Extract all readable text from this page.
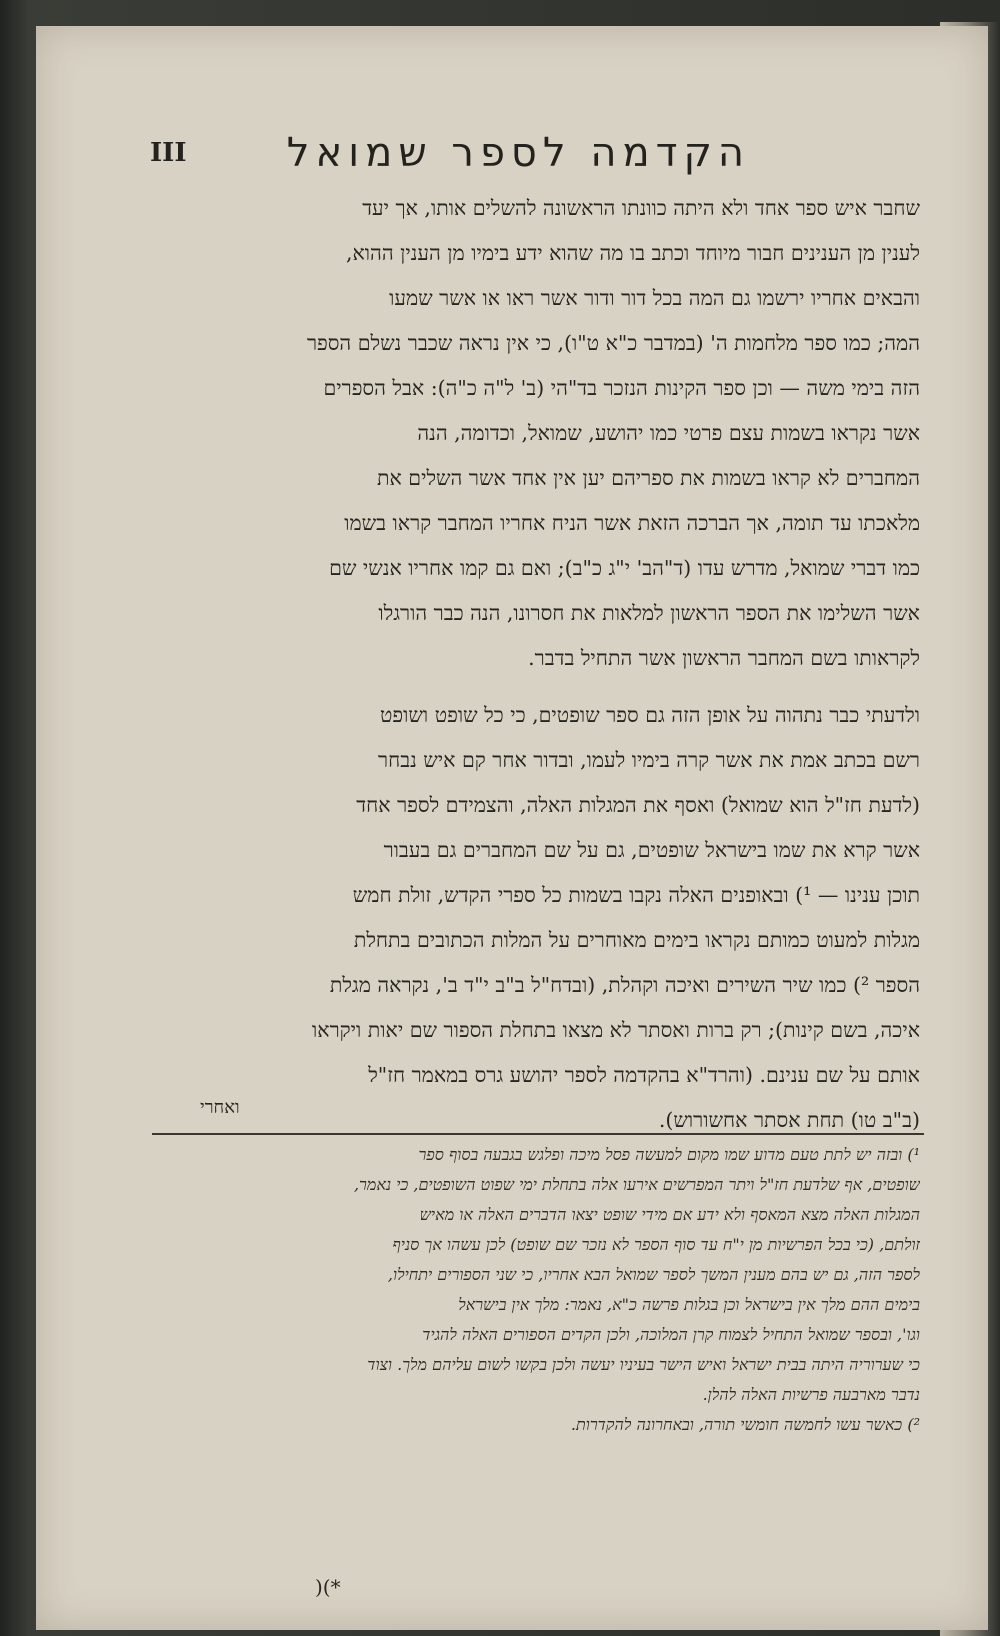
הקדמה לספר שמואל
III
שחבר איש ספר אחד ולא היתה כוונתו הראשונה להשלים אותו, אך יעד
לענין מן הענינים חבור מיוחד וכתב בו מה שהוא ידע בימיו מן הענין ההוא,
והבאים אחריו ירשמו גם המה בכל דור ודור אשר ראו או אשר שמעו
המה; כמו ספר מלחמות ה' (במדבר כ"א ט"ו), כי אין נראה שכבר נשלם הספר
הזה בימי משה — וכן ספר הקינות הנזכר בד"הי (ב' ל"ה כ"ה): אבל הספרים
אשר נקראו בשמות עצם פרטי כמו יהושע, שמואל, וכדומה, הנה
המחברים לא קראו בשמות את ספריהם יען אין אחד אשר השלים את
מלאכתו עד תומה, אך הברכה הזאת אשר הניח אחריו המחבר קראו בשמו
כמו דברי שמואל, מדרש עדו (ד"הב' י"ג כ"ב); ואם גם קמו אחריו אנשי שם
אשר השלימו את הספר הראשון למלאות את חסרונו, הנה כבר הורגלו
לקראותו בשם המחבר הראשון אשר התחיל בדבר.
ולדעתי כבר נתהוה על אופן הזה גם ספר שופטים, כי כל שופט ושופט
רשם בכתב אמת את אשר קרה בימיו לעמו, ובדור אחר קם איש נבחר
(לדעת חז"ל הוא שמואל) ואסף את המגלות האלה, והצמידם לספר אחד
אשר קרא את שמו בישראל שופטים, גם על שם המחברים גם בעבור
תוכן ענינו — ¹) ובאופנים האלה נקבו בשמות כל ספרי הקדש, זולת חמש
מגלות למעוט כמותם נקראו בימים מאוחרים על המלות הכתובים בתחלת
הספר ²) כמו שיר השירים ואיכה וקהלת, (ובדח"ל ב"ב י"ד ב', נקראה מגלת
איכה, בשם קינות); רק ברות ואסתר לא מצאו בתחלת הספור שם יאות ויקראו
אותם על שם ענינם. (והרד"א בהקדמה לספר יהושע גרס במאמר חז"ל
(ב"ב טו) תחת אסתר אחשורוש).
ואחרי
¹) ובזה יש לתת טעם מדוע שמו מקום למעשה פסל מיכה ופלגש בגבעה בסוף ספר
שופטים, אף שלדעת חז"ל ויתר המפרשים אירעו אלה בתחלת ימי שפוט השופטים, כי נאמר,
המגלות האלה מצא המאסף ולא ידע אם מידי שופט יצאו הדברים האלה או מאיש
זולתם, (כי בכל הפרשיות מן י"ח עד סוף הספר לא נזכר שם שופט) לכן עשהו אך סניף
לספר הזה, גם יש בהם מענין המשך לספר שמואל הבא אחריו, כי שני הספורים יתחילו,
בימים ההם מלך אין בישראל וכן בגלות פרשה כ"א, נאמר: מלך אין בישראל
וגו', ובספר שמואל התחיל לצמוח קרן המלוכה, ולכן הקדים הספורים האלה להגיד
כי שערוריה היתה בבית ישראל ואיש הישר בעיניו יעשה ולכן בקשו לשום עליהם מלך. וצוד
נדבר מארבעה פרשיות האלה להלן.
²) כאשר עשו לחמשה חומשי תורה, ובאחרונה להקדרות.
)(*
